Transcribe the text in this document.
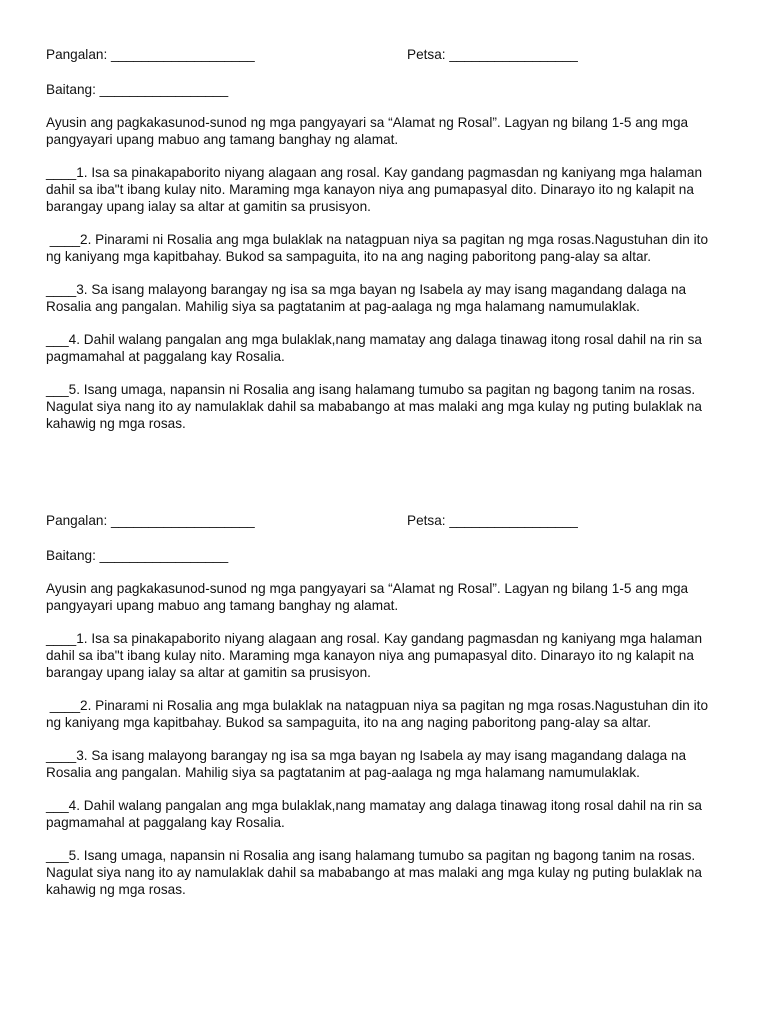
Pangalan: ___________________	Petsa: _________________
Baitang: _________________

Ayusin ang pagkakasunod-sunod ng mga pangyayari sa “Alamat ng Rosal”. Lagyan ng bilang 1-5 ang mga pangyayari upang mabuo ang tamang banghay ng alamat.

____1. Isa sa pinakapaborito niyang alagaan ang rosal. Kay gandang pagmasdan ng kaniyang mga halaman dahil sa iba"t ibang kulay nito. Maraming mga kanayon niya ang pumapasyal dito. Dinarayo ito ng kalapit na barangay upang ialay sa altar at gamitin sa prusisyon.

____2. Pinarami ni Rosalia ang mga bulaklak na natagpuan niya sa pagitan ng mga rosas.Nagustuhan din ito ng kaniyang mga kapitbahay. Bukod sa sampaguita, ito na ang naging paboritong pang-alay sa altar.

____3. Sa isang malayong barangay ng isa sa mga bayan ng Isabela ay may isang magandang dalaga na Rosalia ang pangalan. Mahilig siya sa pagtatanim at pag-aalaga ng mga halamang namumulaklak.

___4. Dahil walang pangalan ang mga bulaklak,nang mamatay ang dalaga tinawag itong rosal dahil na rin sa pagmamahal at paggalang kay Rosalia.

___5. Isang umaga, napansin ni Rosalia ang isang halamang tumubo sa pagitan ng bagong tanim na rosas. Nagulat siya nang ito ay namulaklak dahil sa mababango at mas malaki ang mga kulay ng puting bulaklak na kahawig ng mga rosas.

Pangalan: ___________________	Petsa: _________________
Baitang: _________________

Ayusin ang pagkakasunod-sunod ng mga pangyayari sa “Alamat ng Rosal”. Lagyan ng bilang 1-5 ang mga pangyayari upang mabuo ang tamang banghay ng alamat.

____1. Isa sa pinakapaborito niyang alagaan ang rosal. Kay gandang pagmasdan ng kaniyang mga halaman dahil sa iba"t ibang kulay nito. Maraming mga kanayon niya ang pumapasyal dito. Dinarayo ito ng kalapit na barangay upang ialay sa altar at gamitin sa prusisyon.

____2. Pinarami ni Rosalia ang mga bulaklak na natagpuan niya sa pagitan ng mga rosas.Nagustuhan din ito ng kaniyang mga kapitbahay. Bukod sa sampaguita, ito na ang naging paboritong pang-alay sa altar.

____3. Sa isang malayong barangay ng isa sa mga bayan ng Isabela ay may isang magandang dalaga na Rosalia ang pangalan. Mahilig siya sa pagtatanim at pag-aalaga ng mga halamang namumulaklak.

___4. Dahil walang pangalan ang mga bulaklak,nang mamatay ang dalaga tinawag itong rosal dahil na rin sa pagmamahal at paggalang kay Rosalia.

___5. Isang umaga, napansin ni Rosalia ang isang halamang tumubo sa pagitan ng bagong tanim na rosas. Nagulat siya nang ito ay namulaklak dahil sa mababango at mas malaki ang mga kulay ng puting bulaklak na kahawig ng mga rosas.
